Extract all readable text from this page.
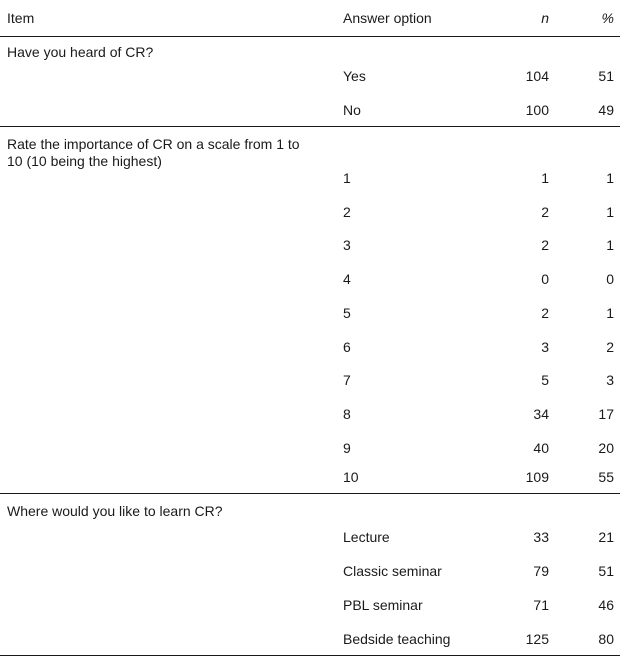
Item	Answer option	n	%
Have you heard of CR?
Yes	104	51
No	100	49
Rate the importance of CR on a scale from 1 to 10 (10 being the highest)
1	1	1
2	2	1
3	2	1
4	0	0
5	2	1
6	3	2
7	5	3
8	34	17
9	40	20
10	109	55
Where would you like to learn CR?
Lecture	33	21
Classic seminar	79	51
PBL seminar	71	46
Bedside teaching	125	80
